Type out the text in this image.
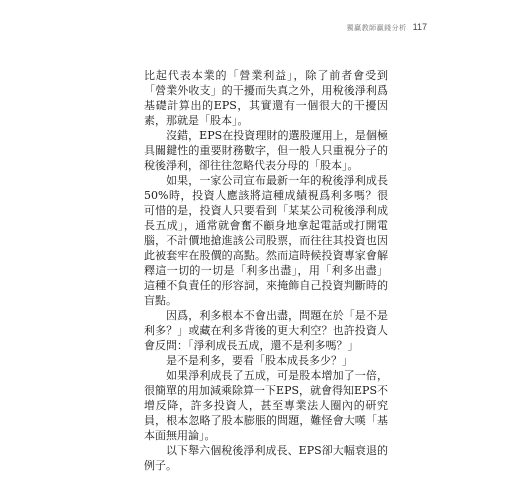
獨贏教師贏錢分析 117

比起代表本業的「營業利益」，除了前者會受到「營業外收支」的干擾而失真之外，用稅後淨利爲基礎計算出的EPS，其實還有一個很大的干擾因素，那就是「股本」。

沒錯，EPS在投資理財的選股運用上，是個極具關鍵性的重要財務數字，但一般人只重視分子的稅後淨利，卻往往忽略代表分母的「股本」。

如果，一家公司宣布最新一年的稅後淨利成長50%時，投資人應該將這種成績視爲利多嗎？很可惜的是，投資人只要看到「某某公司稅後淨利成長五成」，通常就會奮不顧身地拿起電話或打開電腦，不計價地搶進該公司股票，而往往其投資也因此被套牢在股價的高點。然而這時候投資專家會解釋這一切的一切是「利多出盡」，用「利多出盡」這種不負責任的形容詞，來掩飾自己投資判斷時的盲點。

因爲，利多根本不會出盡，問題在於「是不是利多？」或藏在利多背後的更大利空？也許投資人會反問：「淨利成長五成，還不是利多嗎？」

是不是利多，要看「股本成長多少？」

如果淨利成長了五成，可是股本增加了一倍，很簡單的用加減乘除算一下EPS，就會得知EPS不增反降，許多投資人，甚至專業法人圈內的研究員，根本忽略了股本膨脹的問題，難怪會大嘆「基本面無用論」。

以下舉六個稅後淨利成長、EPS卻大幅衰退的例子。
